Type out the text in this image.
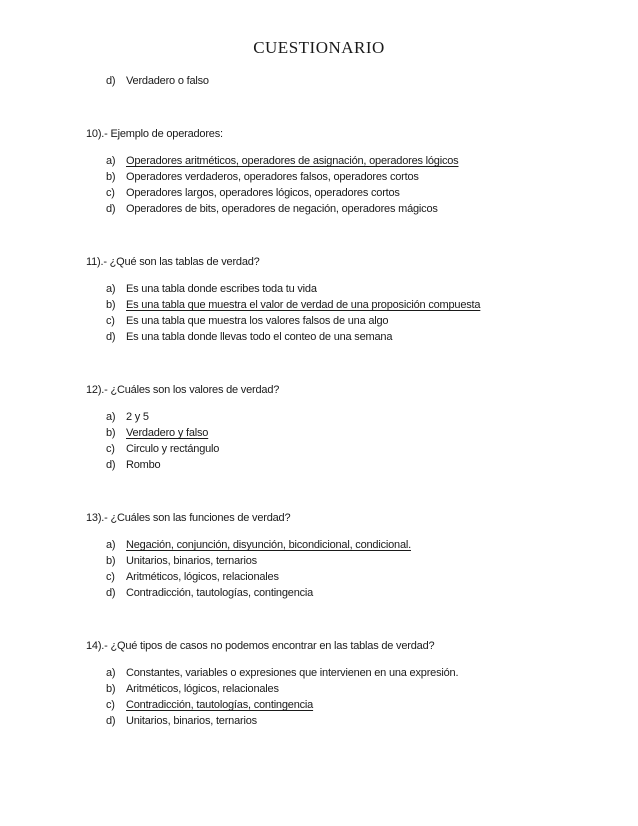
CUESTIONARIO
d) Verdadero o falso
10).- Ejemplo de operadores:
a) Operadores aritméticos, operadores de asignación, operadores lógicos
b) Operadores verdaderos, operadores falsos, operadores cortos
c) Operadores largos, operadores lógicos, operadores cortos
d) Operadores de bits, operadores de negación, operadores mágicos
11).- ¿Qué son las tablas de verdad?
a) Es una tabla donde escribes toda tu vida
b) Es una tabla que muestra el valor de verdad de una proposición compuesta
c) Es una tabla que muestra los valores falsos de una algo
d) Es una tabla donde llevas todo el conteo de una semana
12).- ¿Cuáles son los valores de verdad?
a) 2 y 5
b) Verdadero y falso
c) Circulo y rectángulo
d) Rombo
13).- ¿Cuáles son las funciones de verdad?
a) Negación, conjunción, disyunción, bicondicional, condicional.
b) Unitarios, binarios, ternarios
c) Aritméticos, lógicos, relacionales
d) Contradicción, tautologías, contingencia
14).- ¿Qué tipos de casos no podemos encontrar en las tablas de verdad?
a) Constantes, variables o expresiones que intervienen en una expresión.
b) Aritméticos, lógicos, relacionales
c) Contradicción, tautologías, contingencia
d) Unitarios, binarios, ternarios
